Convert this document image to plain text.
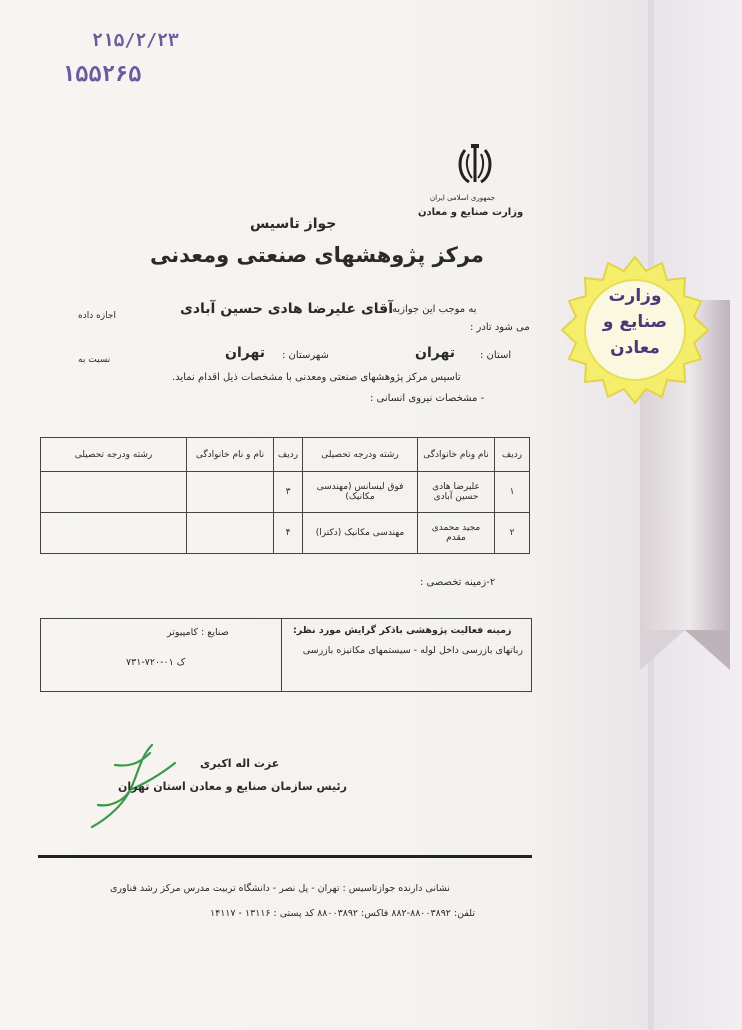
۲۱۵/۲/۲۳
۱۵۵۲۶۵
جمهوری اسلامی ایران
وزارت صنایع و معادن
وزارت
صنایع و
معادن
جواز تاسیس
مرکز پژوهشهای صنعتی ومعدنی
به موجب این جوازبه
آقای علیرضا هادی حسین آبادی
اجازه داده
می شود تادر :
استان :
تهران
شهرستان :
تهران
نسبت به
تاسیس مرکز پژوهشهای صنعتی ومعدنی با مشخصات ذیل اقدام نماید.
- مشخصات نیروی انسانی :
ردیف	نام ونام خانوادگی	رشته ودرجه تحصیلی	ردیف	نام و نام خانوادگی	رشته ودرجه تحصیلی
۱	علیرضا هادی حسین آبادی	فوق لیسانس (مهندسی مکانیک)	۳		
۲	مجید محمدی مقدم	مهندسی مکانیک (دکترا)	۴		
۲-زمینه تخصصی :
زمینه فعالیت پژوهشی باذکر گرایش مورد نظر:
رباتهای بازرسی داخل لوله - سیستمهای مکانیزه بازرسی
صنایع : کامپیوتر
ک ۰۱-۷۲۰-۷۳۱
عزت اله اکبری
رئیس سازمان صنایع و معادن استان تهران
نشانی دارنده جوازتاسیس : تهران - پل نصر - دانشگاه تربیت مدرس مرکز رشد فناوری
تلفن: ۸۸۰۰۳۸۹۲-۸۸۲ فاکس: ۸۸۰۰۳۸۹۲ کد پستی : ۱۳۱۱۶ - ۱۴۱۱۷
